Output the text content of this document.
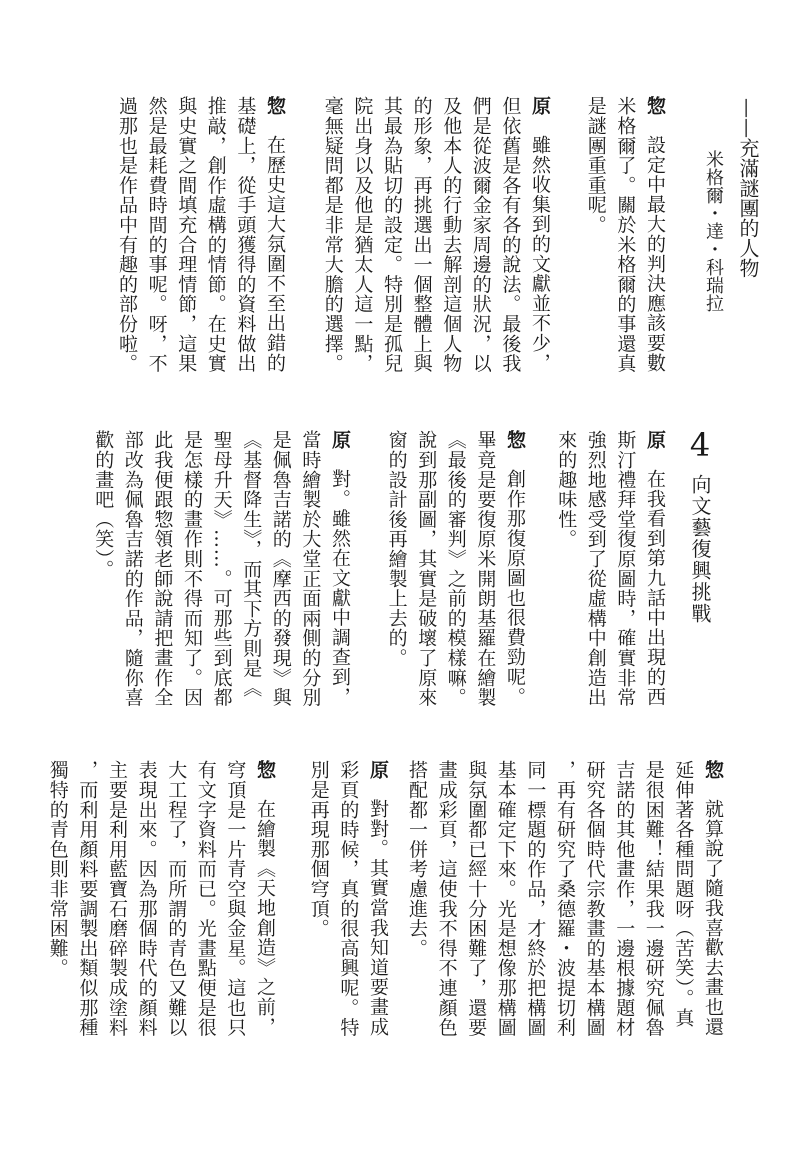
——充滿謎團的人物
米格爾・達・科瑞拉
4向文藝復興挑戰
惣設定中最大的判決應該要數
米格爾了。關於米格爾的事還真
是謎團重重呢。
原雖然收集到的文獻並不少，
但依舊是各有各的說法。最後我
們是從波爾金家周邊的狀況，以
及他本人的行動去解剖這個人物
的形象，再挑選出一個整體上與
其最為貼切的設定。特別是孤兒
院出身以及他是猶太人這一點，
毫無疑問都是非常大膽的選擇。
惣在歷史這大氛圍不至出錯的
基礎上，從手頭獲得的資料做出
推敲，創作虛構的情節。在史實
與史實之間填充合理情節，這果
然是最耗費時間的事呢。呀，不
過那也是作品中有趣的部份啦。
原在我看到第九話中出現的西
斯汀禮拜堂復原圖時，確實非常
強烈地感受到了從虛構中創造出
來的趣味性。
惣創作那復原圖也很費勁呢。
畢竟是要復原米開朗基羅在繪製
《最後的審判》之前的模樣嘛。
說到那副圖，其實是破壞了原來
窗的設計後再繪製上去的。
原對。雖然在文獻中調查到，
當時繪製於大堂正面兩側的分別
是佩魯吉諾的《摩西的發現》與
《基督降生》，而其下方則是《
聖母升天》……。可那些到底都
是怎樣的畫作則不得而知了。因
此我便跟惣領老師說請把畫作全
部改為佩魯吉諾的作品，隨你喜
歡的畫吧（笑）。
惣就算說了隨我喜歡去畫也還
延伸著各種問題呀（苦笑）。真
是很困難！結果我一邊研究佩魯
吉諾的其他畫作，一邊根據題材
研究各個時代宗教畫的基本構圖
，再有研究了桑德羅・波提切利
同一標題的作品，才終於把構圖
基本確定下來。光是想像那構圖
與氛圍都已經十分困難了，還要
畫成彩頁，這使我不得不連顏色
搭配都一併考慮進去。
原對對。其實當我知道要畫成
彩頁的時候，真的很高興呢。特
別是再現那個穹頂。
惣在繪製《天地創造》之前，
穹頂是一片青空與金星。這也只
有文字資料而已。光畫點便是很
大工程了，而所謂的青色又難以
表現出來。因為那個時代的顏料
主要是利用藍寶石磨碎製成塗料
，而利用顏料要調製出類似那種
獨特的青色則非常困難。
